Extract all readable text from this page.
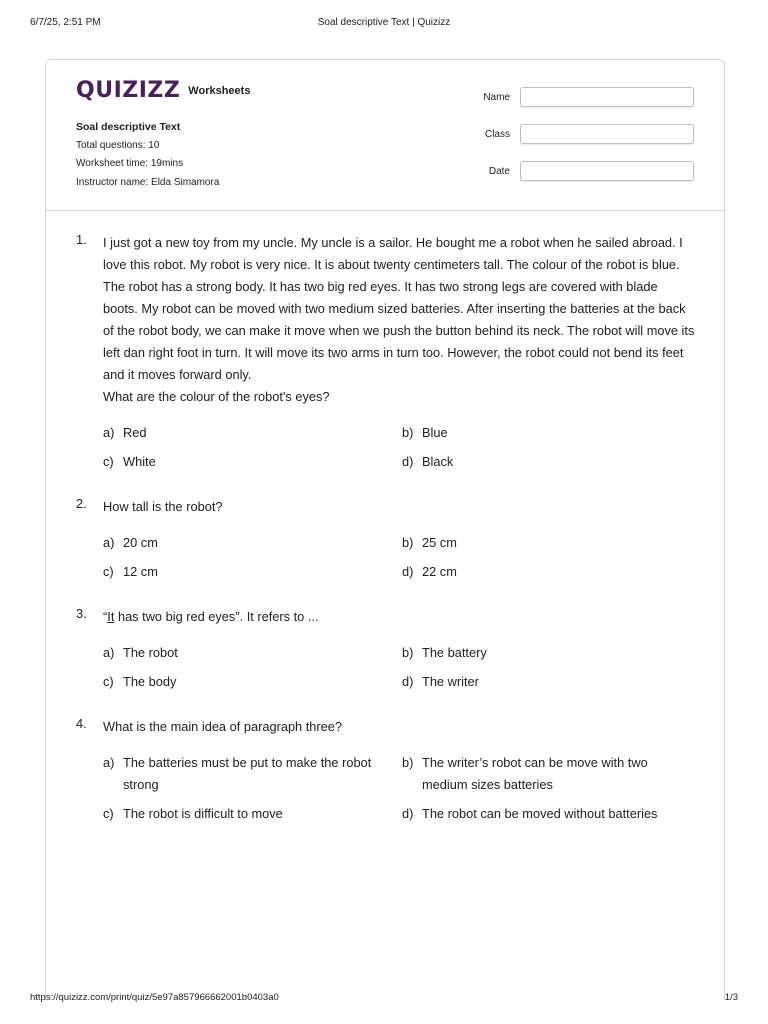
6/7/25, 2:51 PM	Soal descriptive Text | Quizizz
QUIZIZZ Worksheets
Soal descriptive Text
Total questions: 10
Worksheet time: 19mins
Instructor name: Elda Simamora
Name
Class
Date
1. I just got a new toy from my uncle. My uncle is a sailor. He bought me a robot when he sailed abroad. I love this robot. My robot is very nice. It is about twenty centimeters tall. The colour of the robot is blue. The robot has a strong body. It has two big red eyes. It has two strong legs are covered with blade boots. My robot can be moved with two medium sized batteries. After inserting the batteries at the back of the robot body, we can make it move when we push the button behind its neck. The robot will move its left dan right foot in turn. It will move its two arms in turn too. However, the robot could not bend its feet and it moves forward only.
What are the colour of the robot's eyes?
a) Red	b) Blue
c) White	d) Black
2. How tall is the robot?
a) 20 cm	b) 25 cm
c) 12 cm	d) 22 cm
3. “It has two big red eyes”. It refers to ...
a) The robot	b) The battery
c) The body	d) The writer
4. What is the main idea of paragraph three?
a) The batteries must be put to make the robot strong
b) The writer’s robot can be move with two medium sizes batteries
c) The robot is difficult to move	d) The robot can be moved without batteries
https://quizizz.com/print/quiz/5e97a857966662001b0403a0	1/3
